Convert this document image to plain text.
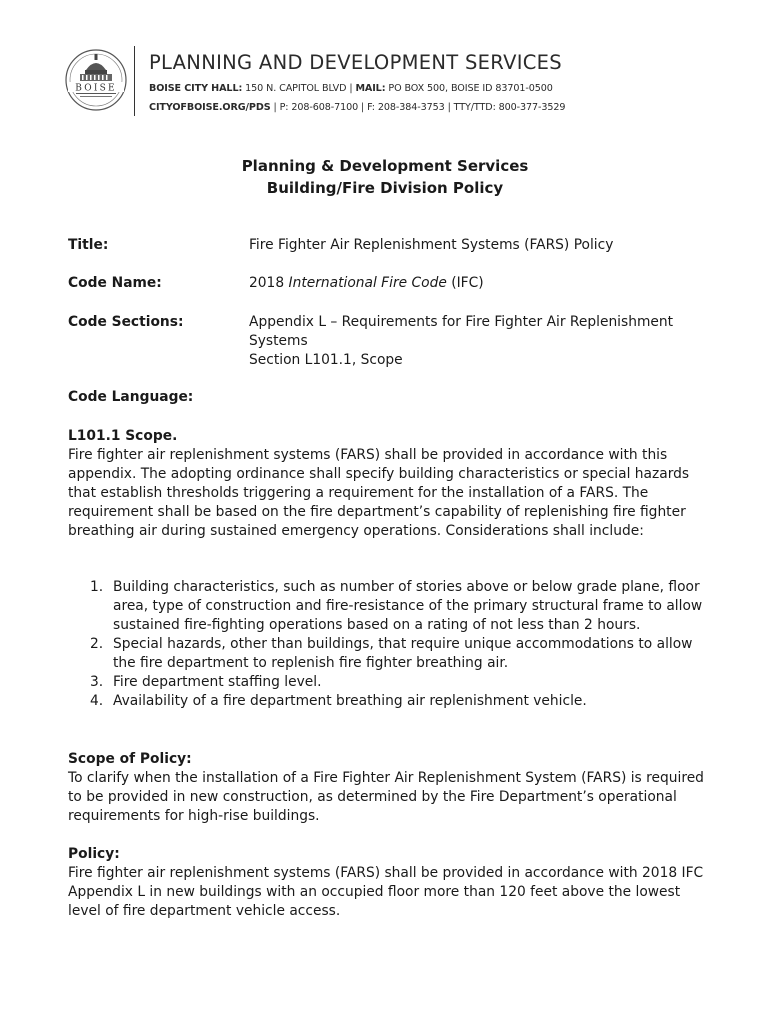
BOISE
PLANNING AND DEVELOPMENT SERVICES
BOISE CITY HALL: 150 N. CAPITOL BLVD | MAIL: PO BOX 500, BOISE ID 83701-0500
CITYOFBOISE.ORG/PDS | P: 208-608-7100 | F: 208-384-3753 | TTY/TTD: 800-377-3529
Planning & Development Services
Building/Fire Division Policy
Title:	Fire Fighter Air Replenishment Systems (FARS) Policy
Code Name:	2018 International Fire Code (IFC)
Code Sections:	Appendix L – Requirements for Fire Fighter Air Replenishment
Systems
Section L101.1, Scope
Code Language:
L101.1 Scope.
Fire fighter air replenishment systems (FARS) shall be provided in accordance with this appendix. The adopting ordinance shall specify building characteristics or special hazards that establish thresholds triggering a requirement for the installation of a FARS. The requirement shall be based on the fire department’s capability of replenishing fire fighter breathing air during sustained emergency operations. Considerations shall include:
1. Building characteristics, such as number of stories above or below grade plane, floor area, type of construction and fire-resistance of the primary structural frame to allow sustained fire-fighting operations based on a rating of not less than 2 hours.
2. Special hazards, other than buildings, that require unique accommodations to allow the fire department to replenish fire fighter breathing air.
3. Fire department staffing level.
4. Availability of a fire department breathing air replenishment vehicle.
Scope of Policy:
To clarify when the installation of a Fire Fighter Air Replenishment System (FARS) is required to be provided in new construction, as determined by the Fire Department’s operational requirements for high-rise buildings.
Policy:
Fire fighter air replenishment systems (FARS) shall be provided in accordance with 2018 IFC Appendix L in new buildings with an occupied floor more than 120 feet above the lowest level of fire department vehicle access.
